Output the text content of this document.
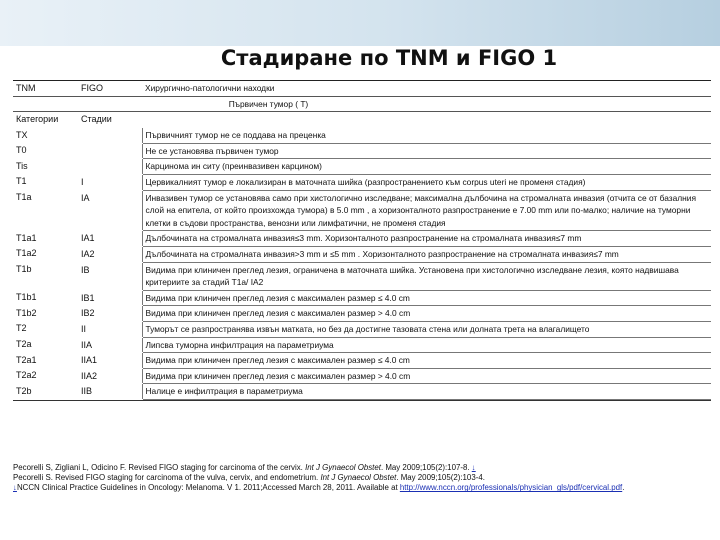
Стадиране по TNM и FIGO 1
TNM	FIGO	Хирургично-патологични находки
Първичен тумор ( T)		
Категории	Стадии	
TX		Първичният тумор не се поддава на преценка
T0		Не се установява първичен тумор
Tis		Карцинома ин ситу (преинвазивен карцином)
T1	I	Цервикалният тумор е локализиран в маточната шийка (разпространението към corpus uteri не променя стадия)
T1a	IA	Инвазивен тумор се установява само при хистологично изследване; максимална дълбочина на стромалната инвазия (отчита се от базалния слой на епитела, от който произхожда тумора) в 5.0 mm , а хоризонталното разпространение е 7.00 mm или по-малко; наличие на туморни клетки в съдови пространства, венозни или лимфатични, не променя стадия
T1a1	IA1	Дълбочината на стромалната инвазия≤3 mm. Хоризонталното разпространение на стромалната инвазия≤7 mm
T1a2	IA2	Дълбочината на стромалната инвазия>3 mm и ≤5 mm . Хоризонталното разпространение на стромалната инвазия≤7 mm
T1b	IB	Видима при клиничен преглед лезия, ограничена в маточната шийка. Установена при хистологично изследване лезия, която надвишава критериите за стадий T1a/ IA2
T1b1	IB1	Видима при клиничен преглед лезия с максимален размер ≤ 4.0 cm
T1b2	IB2	Видима при клиничен преглед лезия с максимален размер > 4.0 cm
T2	II	Туморът се разпространява извън матката, но без да достигне тазовата стена или долната трета на влагалището
T2a	IIA	Липсва туморна инфилтрация на параметриума
T2a1	IIA1	Видима при клиничен преглед лезия с максимален размер ≤ 4.0 cm
T2a2	IIA2	Видима при клиничен преглед лезия с максимален размер > 4.0 cm
T2b	IIB	Налице е инфилтрация в параметриума
Pecorelli S, Zigliani L, Odicino F. Revised FIGO staging for carcinoma of the cervix. Int J Gynaecol Obstet. May 2009;105(2):107-8. ↓
Pecorelli S. Revised FIGO staging for carcinoma of the vulva, cervix, and endometrium. Int J Gynaecol Obstet. May 2009;105(2):103-4.
↓NCCN Clinical Practice Guidelines in Oncology: Melanoma. V 1. 2011;Accessed March 28, 2011. Available at http://www.nccn.org/professionals/physician_gls/pdf/cervical.pdf.
